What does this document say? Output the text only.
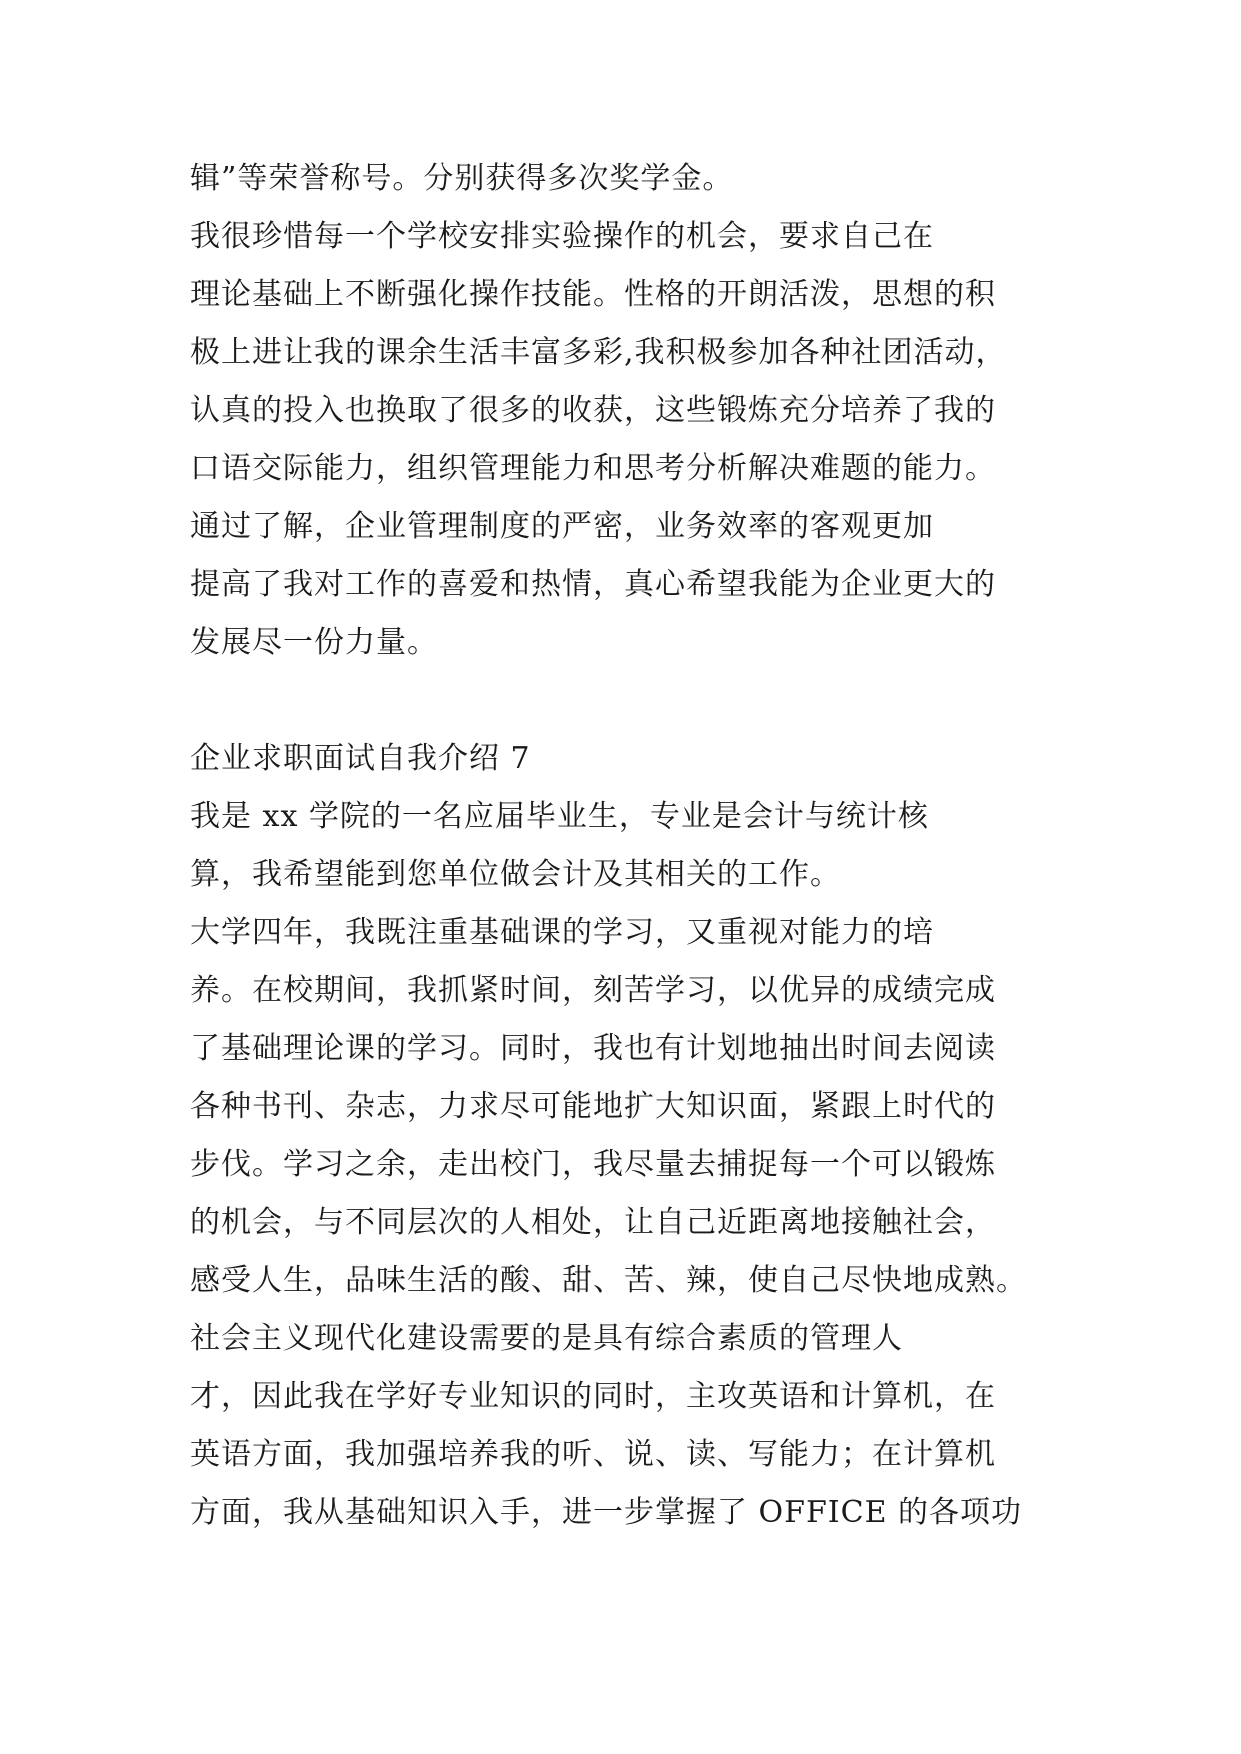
辑”等荣誉称号。分别获得多次奖学金。
我很珍惜每一个学校安排实验操作的机会，要求自己在
理论基础上不断强化操作技能。性格的开朗活泼，思想的积
极上进让我的课余生活丰富多彩,我积极参加各种社团活动，
认真的投入也换取了很多的收获，这些锻炼充分培养了我的
口语交际能力，组织管理能力和思考分析解决难题的能力。
通过了解，企业管理制度的严密，业务效率的客观更加
提高了我对工作的喜爱和热情，真心希望我能为企业更大的
发展尽一份力量。
企业求职面试自我介绍 7
我是 xx 学院的一名应届毕业生，专业是会计与统计核
算，我希望能到您单位做会计及其相关的工作。
大学四年，我既注重基础课的学习，又重视对能力的培
养。在校期间，我抓紧时间，刻苦学习，以优异的成绩完成
了基础理论课的学习。同时，我也有计划地抽出时间去阅读
各种书刊、杂志，力求尽可能地扩大知识面，紧跟上时代的
步伐。学习之余，走出校门，我尽量去捕捉每一个可以锻炼
的机会，与不同层次的人相处，让自己近距离地接触社会，
感受人生，品味生活的酸、甜、苦、辣，使自己尽快地成熟。
社会主义现代化建设需要的是具有综合素质的管理人
才，因此我在学好专业知识的同时，主攻英语和计算机，在
英语方面，我加强培养我的听、说、读、写能力；在计算机
方面，我从基础知识入手，进一步掌握了 OFFICE 的各项功
